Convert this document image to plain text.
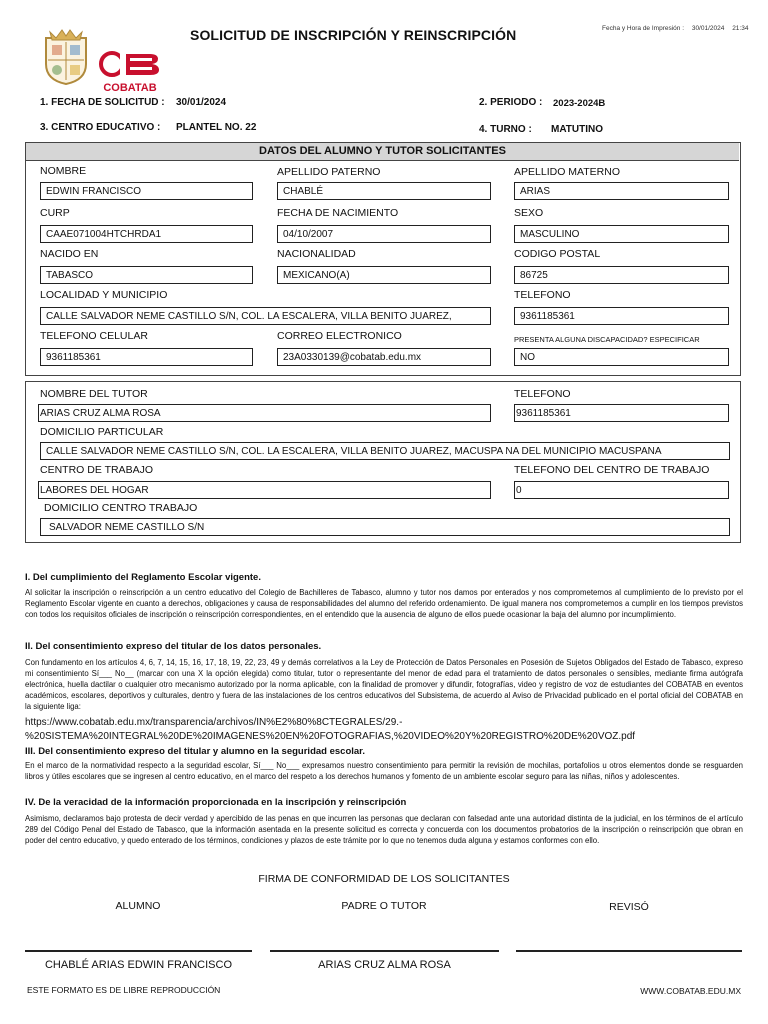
COBATAB
SOLICITUD DE INSCRIPCIÓN Y REINSCRIPCIÓN	Fecha y Hora de Impresión : 30/01/2024 21:34
1. FECHA DE SOLICITUD : 30/01/2024	2. PERIODO : 2023-2024B
3. CENTRO EDUCATIVO : PLANTEL NO. 22	4. TURNO : MATUTINO
DATOS DEL ALUMNO Y TUTOR SOLICITANTES
NOMBRE	APELLIDO PATERNO	APELLIDO MATERNO
EDWIN FRANCISCO	CHABLÉ	ARIAS
CURP	FECHA DE NACIMIENTO	SEXO
CAAE071004HTCHRDA1	04/10/2007	MASCULINO
NACIDO EN	NACIONALIDAD	CODIGO POSTAL
TABASCO	MEXICANO(A)	86725
LOCALIDAD Y MUNICIPIO	TELEFONO
CALLE SALVADOR NEME CASTILLO S/N, COL. LA ESCALERA, VILLA BENITO JUAREZ,	9361185361
TELEFONO CELULAR	CORREO ELECTRONICO	PRESENTA ALGUNA DISCAPACIDAD? ESPECIFICAR
9361185361	23A0330139@cobatab.edu.mx	NO
NOMBRE DEL TUTOR	TELEFONO
ARIAS CRUZ ALMA ROSA	9361185361
DOMICILIO PARTICULAR
CALLE SALVADOR NEME CASTILLO S/N, COL. LA ESCALERA, VILLA BENITO JUAREZ, MACUSPA NA DEL MUNICIPIO MACUSPANA
CENTRO DE TRABAJO	TELEFONO DEL CENTRO DE TRABAJO
LABORES DEL HOGAR	0
DOMICILIO CENTRO TRABAJO
SALVADOR NEME CASTILLO S/N
I. Del cumplimiento del Reglamento Escolar vigente.
Al solicitar la inscripción o reinscripción a un centro educativo del Colegio de Bachilleres de Tabasco, alumno y tutor nos damos por enterados y nos comprometemos al cumplimiento de lo previsto por el Reglamento Escolar vigente en cuanto a derechos, obligaciones y causa de responsabilidades del alumno del referido ordenamiento. De igual manera nos comprometemos a cumplir en los tiempos previstos con todos los requisitos oficiales de inscripción o reinscripción correspondientes, en el entendido que la ausencia de alguno de ellos puede ocasionar la baja del alumno por incumplimiento.
II. Del consentimiento expreso del titular de los datos personales.
Con fundamento en los artículos 4, 6, 7, 14, 15, 16, 17, 18, 19, 22, 23, 49 y demás correlativos a la Ley de Protección de Datos Personales en Posesión de Sujetos Obligados del Estado de Tabasco, expreso mi consentimiento Sí___ No__ (marcar con una X la opción elegida) como titular, tutor o representante del menor de edad para el tratamiento de datos personales o sensibles, mediante firma autógrafa electrónica, huella dactilar o cualquier otro mecanismo autorizado por la norma aplicable, con la finalidad de promover y difundir, fotografías, video y registro de voz de estudiantes del COBATAB en eventos académicos, escolares, deportivos y culturales, dentro y fuera de las instalaciones de los centros educativos del Subsistema, de acuerdo al Aviso de Privacidad publicado en el portal oficial del COBATAB en la siguiente liga:
https://www.cobatab.edu.mx/transparencia/archivos/IN%E2%80%8CTEGRALES/29.-
%20SISTEMA%20INTEGRAL%20DE%20IMAGENES%20EN%20FOTOGRAFIAS,%20VIDEO%20Y%20REGISTRO%20DE%20VOZ.pdf
III. Del consentimiento expreso del titular y alumno en la seguridad escolar.
En el marco de la normatividad respecto a la seguridad escolar, Sí___ No___ expresamos nuestro consentimiento para permitir la revisión de mochilas, portafolios u otros elementos donde se resguarden libros y útiles escolares que se ingresen al centro educativo, en el marco del respeto a los derechos humanos y fomento de un ambiente escolar seguro para las niñas, niños y adolescentes.
IV. De la veracidad de la información proporcionada en la inscripción y reinscripción
Asimismo, declaramos bajo protesta de decir verdad y apercibido de las penas en que incurren las personas que declaran con falsedad ante una autoridad distinta de la judicial, en los términos de el artículo 289 del Código Penal del Estado de Tabasco, que la información asentada en la presente solicitud es correcta y concuerda con los documentos probatorios de la inscripción o reinscripción que obran en poder del centro educativo, y quedo enterado de los términos, condiciones y plazos de este trámite por lo que no tenemos duda alguna y estamos conformes con ello.
FIRMA DE CONFORMIDAD DE LOS SOLICITANTES
ALUMNO	PADRE O TUTOR	REVISÓ
CHABLÉ ARIAS EDWIN FRANCISCO	ARIAS CRUZ ALMA ROSA
ESTE FORMATO ES DE LIBRE REPRODUCCIÓN	WWW.COBATAB.EDU.MX
